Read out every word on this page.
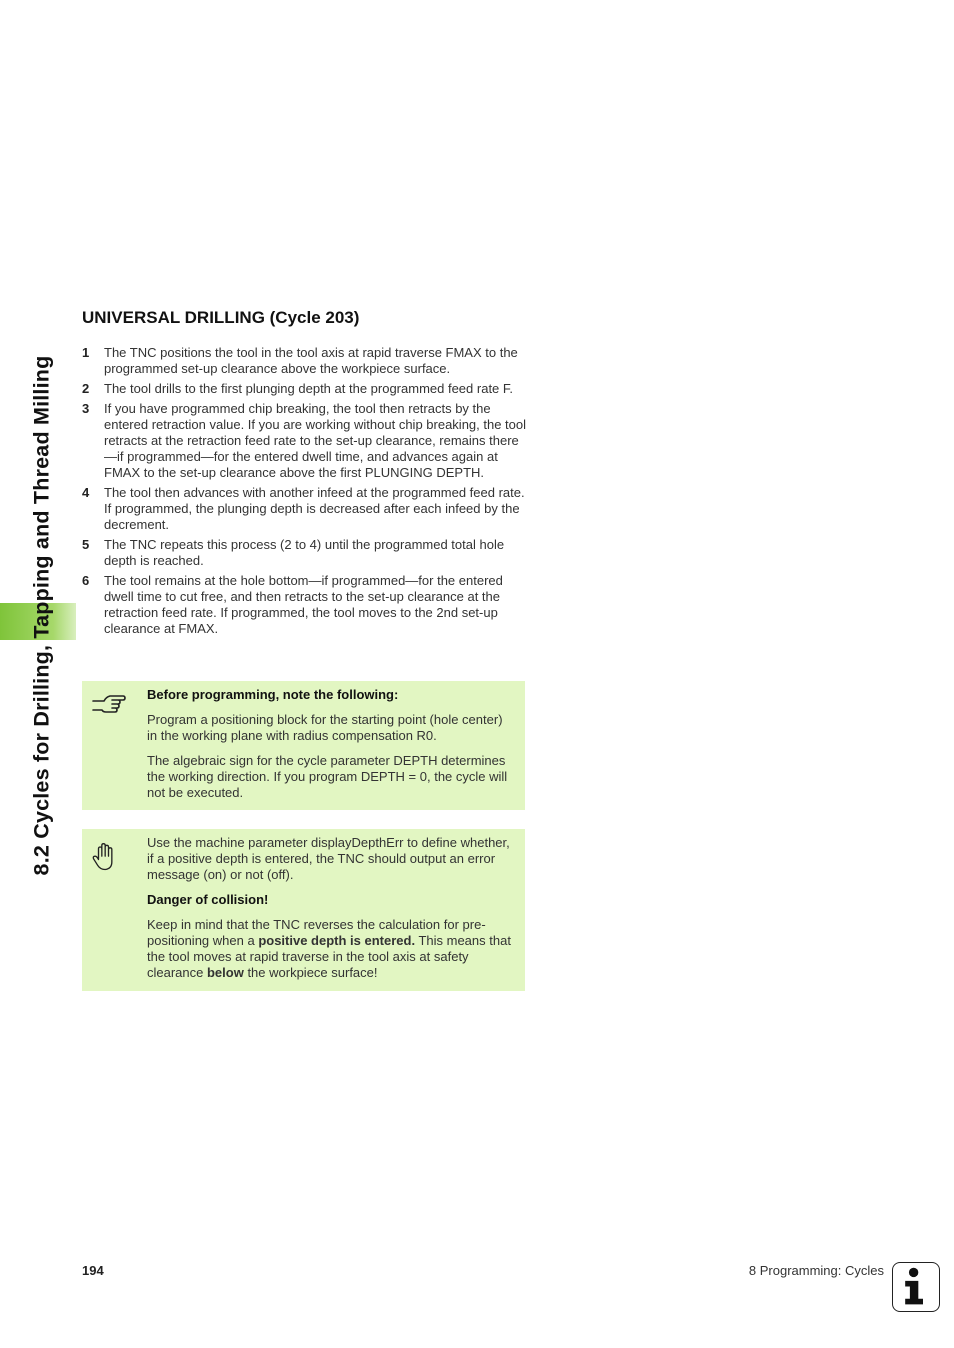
8.2 Cycles for Drilling, Tapping and Thread Milling
UNIVERSAL DRILLING (Cycle 203)
1	The TNC positions the tool in the tool axis at rapid traverse FMAX to the programmed set-up clearance above the workpiece surface.
2	The tool drills to the first plunging depth at the programmed feed rate F.
3	If you have programmed chip breaking, the tool then retracts by the entered retraction value. If you are working without chip breaking, the tool retracts at the retraction feed rate to the set-up clearance, remains there—if programmed—for the entered dwell time, and advances again at FMAX to the set-up clearance above the first PLUNGING DEPTH.
4	The tool then advances with another infeed at the programmed feed rate. If programmed, the plunging depth is decreased after each infeed by the decrement.
5	The TNC repeats this process (2 to 4) until the programmed total hole depth is reached.
6	The tool remains at the hole bottom—if programmed—for the entered dwell time to cut free, and then retracts to the set-up clearance at the retraction feed rate. If programmed, the tool moves to the 2nd set-up clearance at FMAX.

Before programming, note the following:

Program a positioning block for the starting point (hole center) in the working plane with radius compensation R0.

The algebraic sign for the cycle parameter DEPTH determines the working direction. If you program DEPTH = 0, the cycle will not be executed.

Use the machine parameter displayDepthErr to define whether, if a positive depth is entered, the TNC should output an error message (on) or not (off).

Danger of collision!

Keep in mind that the TNC reverses the calculation for pre-positioning when a positive depth is entered. This means that the tool moves at rapid traverse in the tool axis at safety clearance below the workpiece surface!

194	8 Programming: Cycles
